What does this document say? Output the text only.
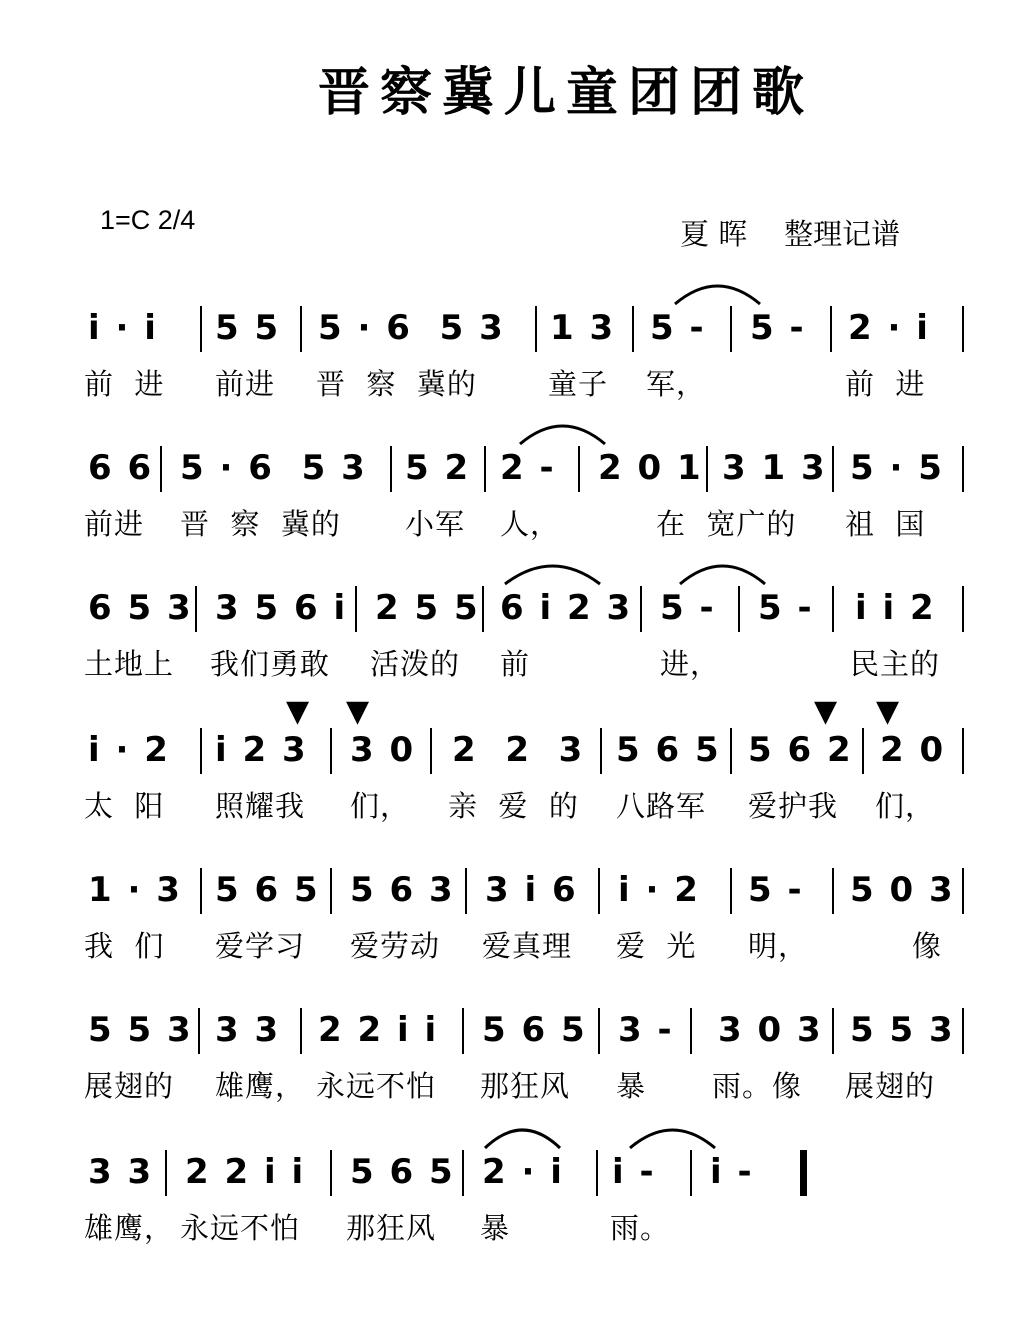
晋察冀儿童团团歌
1=C 2/4	夏 晖 整理记谱
i · i 5 5 5 · 6  5 3 1 3 5 - 5 - 2 · i
前  进 前进 晋  察  冀的 童子 军，	前  进
6 6 5 · 6  5 3 5 2 2 - 2 0 1 3 1 3 5 · 5
前进 晋  察  冀的 小军 人，	在  宽广的 祖  国
6 5 3 3 5 6 i 2 5 5 6 i 2 3 5 - 5 - i i 2
土地上 我们勇敢 活泼的 前	进，	民主的
i · 2 i 2 3 3 0 2  2  3 5 6 5 5 6 2 2 0
太  阳 照耀我 们， 亲  爱  的 八路军 爱护我 们，
▼ ▼	▼ ▼
1 · 3 5 6 5 5 6 3 3 i 6 i · 2 5 - 5 0 3
我  们 爱学习 爱劳动 爱真理 爱  光 明，	像
5 5 3 3 3 2 2 i i 5 6 5 3 - 3 0 3 5 5 3
展翅的 雄鹰， 永远不怕 那狂风 暴 雨。像 展翅的
3 3 2 2 i i 5 6 5 2 · i i - i -
雄鹰， 永远不怕 那狂风 暴	雨。
